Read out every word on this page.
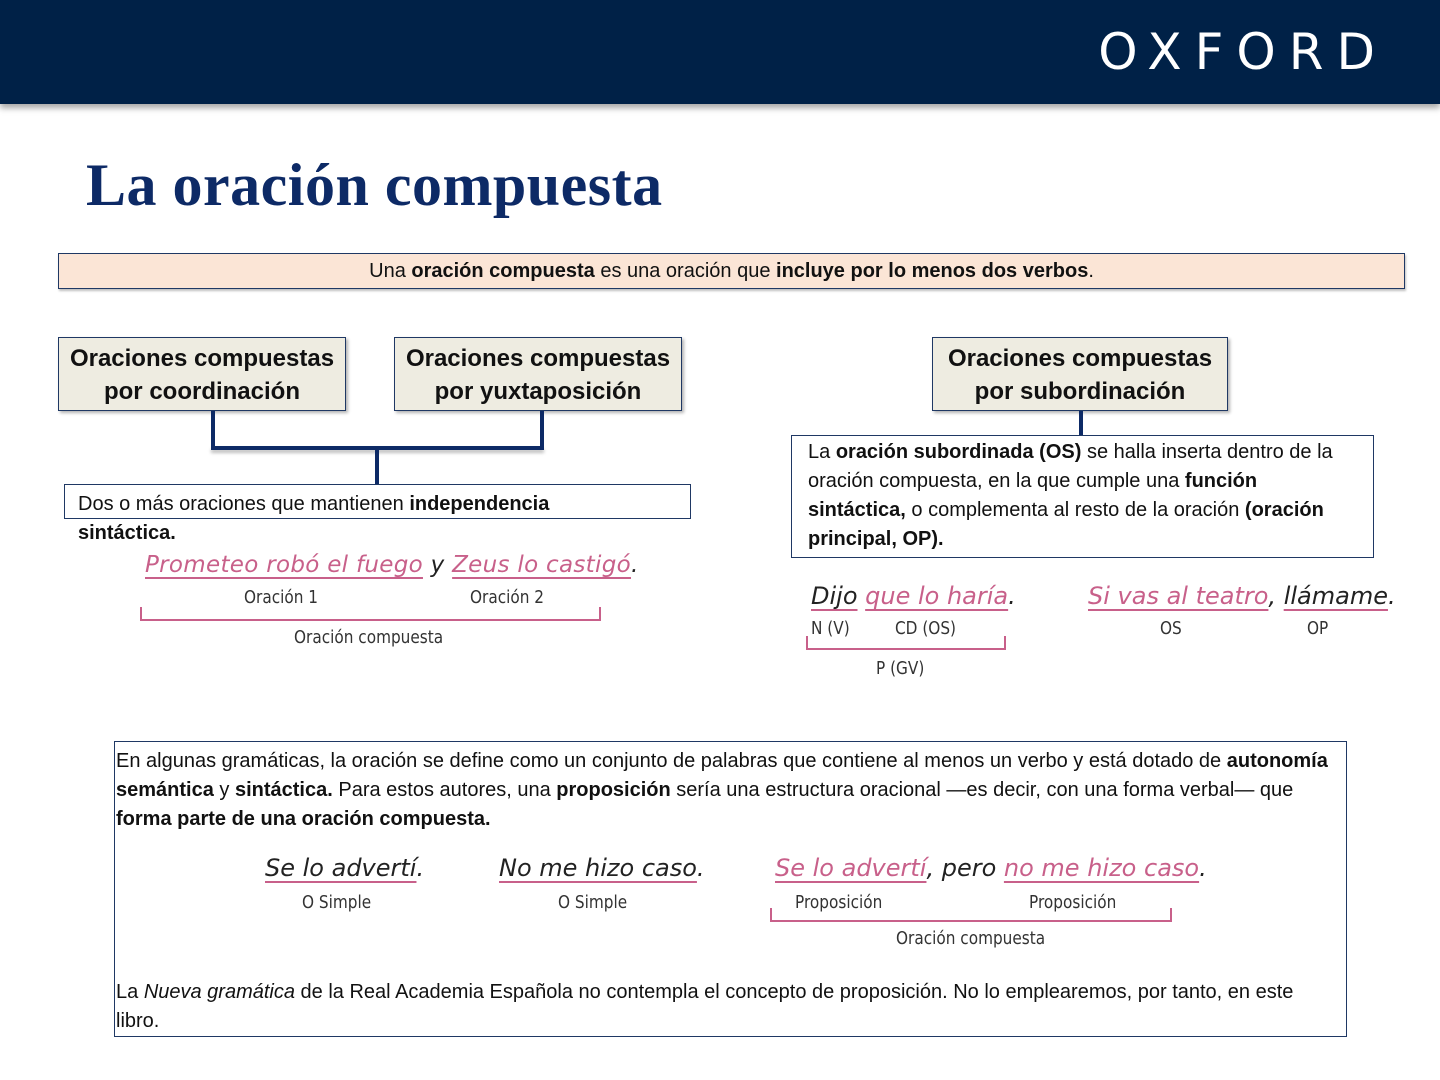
OXFORD
La oración compuesta
Una oración compuesta es una oración que incluye por lo menos dos verbos.
Oraciones compuestas
por coordinación
Oraciones compuestas
por yuxtaposición
Oraciones compuestas
por subordinación
Dos o más oraciones que mantienen independencia sintáctica.
Prometeo robó el fuego y Zeus lo castigó.
Oración 1	Oración 2
Oración compuesta
La oración subordinada (OS) se halla inserta dentro de la oración compuesta, en la que cumple una función sintáctica, o complementa al resto de la oración (oración principal, OP).
Dijo que lo haría.
N (V)	CD (OS)
P (GV)
Si vas al teatro, llámame.
OS	OP
En algunas gramáticas, la oración se define como un conjunto de palabras que contiene al menos un verbo y está dotado de autonomía semántica y sintáctica. Para estos autores, una proposición sería una estructura oracional —es decir, con una forma verbal— que forma parte de una oración compuesta.
Se lo advertí.
O Simple
No me hizo caso.
O Simple
Se lo advertí, pero no me hizo caso.
Proposición	Proposición
Oración compuesta
La Nueva gramática de la Real Academia Española no contempla el concepto de proposición. No lo emplearemos, por tanto, en este libro.
